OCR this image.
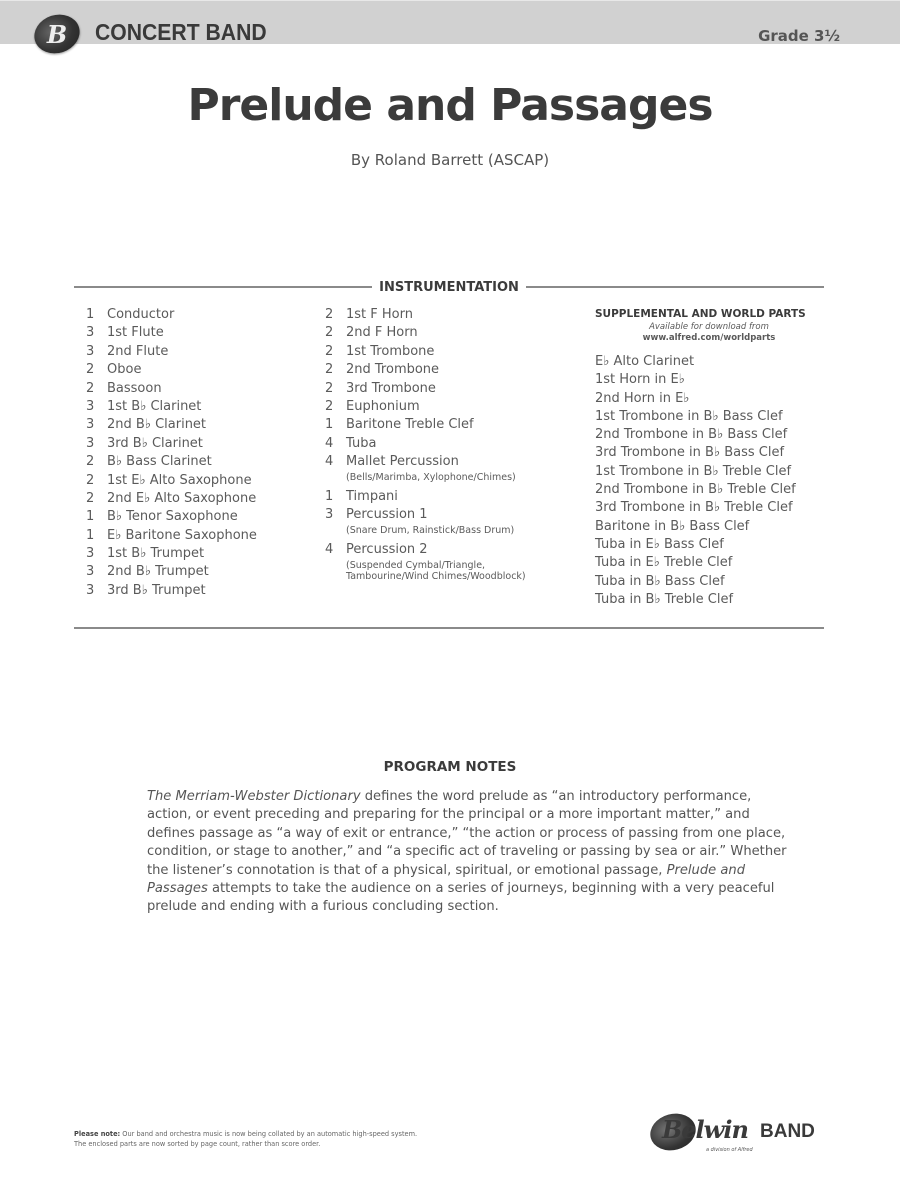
B	CONCERT BAND	Grade 3½
Prelude and Passages
By Roland Barrett (ASCAP)
INSTRUMENTATION
1 Conductor
3 1st Flute
3 2nd Flute
2 Oboe
2 Bassoon
3 1st B♭ Clarinet
3 2nd B♭ Clarinet
3 3rd B♭ Clarinet
2 B♭ Bass Clarinet
2 1st E♭ Alto Saxophone
2 2nd E♭ Alto Saxophone
1 B♭ Tenor Saxophone
1 E♭ Baritone Saxophone
3 1st B♭ Trumpet
3 2nd B♭ Trumpet
3 3rd B♭ Trumpet
2 1st F Horn
2 2nd F Horn
2 1st Trombone
2 2nd Trombone
2 3rd Trombone
2 Euphonium
1 Baritone Treble Clef
4 Tuba
4 Mallet Percussion
(Bells/Marimba, Xylophone/Chimes)
1 Timpani
3 Percussion 1
(Snare Drum, Rainstick/Bass Drum)
4 Percussion 2
(Suspended Cymbal/Triangle,
Tambourine/Wind Chimes/Woodblock)
SUPPLEMENTAL AND WORLD PARTS
Available for download from
www.alfred.com/worldparts
E♭ Alto Clarinet
1st Horn in E♭
2nd Horn in E♭
1st Trombone in B♭ Bass Clef
2nd Trombone in B♭ Bass Clef
3rd Trombone in B♭ Bass Clef
1st Trombone in B♭ Treble Clef
2nd Trombone in B♭ Treble Clef
3rd Trombone in B♭ Treble Clef
Baritone in B♭ Bass Clef
Tuba in E♭ Bass Clef
Tuba in E♭ Treble Clef
Tuba in B♭ Bass Clef
Tuba in B♭ Treble Clef
PROGRAM NOTES
The Merriam-Webster Dictionary defines the word prelude as “an introductory performance, action, or event preceding and preparing for the principal or a more important matter,” and defines passage as “a way of exit or entrance,” “the action or process of passing from one place, condition, or stage to another,” and “a specific act of traveling or passing by sea or air.” Whether the listener’s connotation is that of a physical, spiritual, or emotional passage, Prelude and Passages attempts to take the audience on a series of journeys, beginning with a very peaceful prelude and ending with a furious concluding section.
Please note: Our band and orchestra music is now being collated by an automatic high-speed system.
The enclosed parts are now sorted by page count, rather than score order.	Belwin BAND
a division of Alfred
